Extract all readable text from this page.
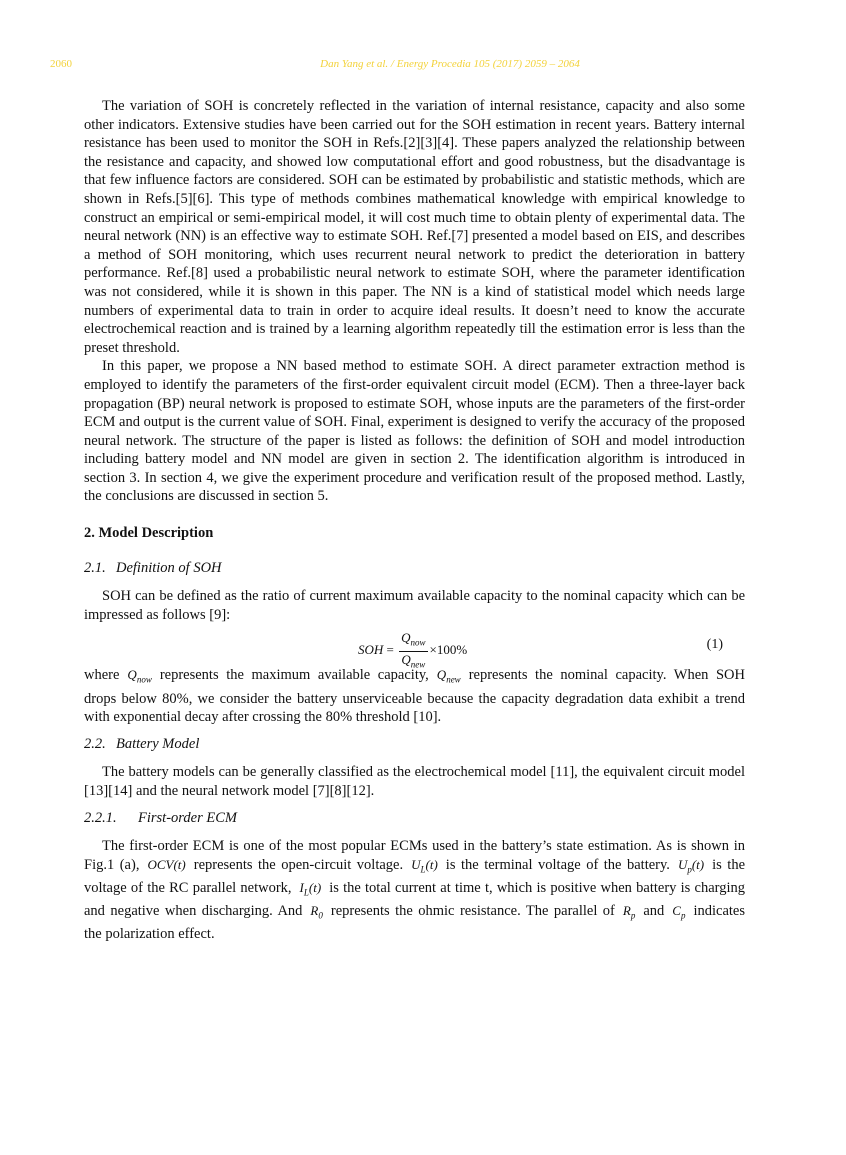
2060	Dan Yang et al. / Energy Procedia 105 (2017) 2059 – 2064

The variation of SOH is concretely reflected in the variation of internal resistance, capacity and also some other indicators. Extensive studies have been carried out for the SOH estimation in recent years. Battery internal resistance has been used to monitor the SOH in Refs.[2][3][4]. These papers analyzed the relationship between the resistance and capacity, and showed low computational effort and good robustness, but the disadvantage is that few influence factors are considered. SOH can be estimated by probabilistic and statistic methods, which are shown in Refs.[5][6]. This type of methods combines mathematical knowledge with empirical knowledge to construct an empirical or semi-empirical model, it will cost much time to obtain plenty of experimental data. The neural network (NN) is an effective way to estimate SOH. Ref.[7] presented a model based on EIS, and describes a method of SOH monitoring, which uses recurrent neural network to predict the deterioration in battery performance. Ref.[8] used a probabilistic neural network to estimate SOH, where the parameter identification was not considered, while it is shown in this paper. The NN is a kind of statistical model which needs large numbers of experimental data to train in order to acquire ideal results. It doesn’t need to know the accurate electrochemical reaction and is trained by a learning algorithm repeatedly till the estimation error is less than the preset threshold.

In this paper, we propose a NN based method to estimate SOH. A direct parameter extraction method is employed to identify the parameters of the first-order equivalent circuit model (ECM). Then a three-layer back propagation (BP) neural network is proposed to estimate SOH, whose inputs are the parameters of the first-order ECM and output is the current value of SOH. Final, experiment is designed to verify the accuracy of the proposed neural network. The structure of the paper is listed as follows: the definition of SOH and model introduction including battery model and NN model are given in section 2. The identification algorithm is introduced in section 3. In section 4, we give the experiment procedure and verification result of the proposed method. Lastly, the conclusions are discussed in section 5.

2. Model Description
2.1. Definition of SOH

SOH can be defined as the ratio of current maximum available capacity to the nominal capacity which can be impressed as follows [9]:

SOH = $\frac{Q_{now}}{Q_{new}} \times 100\%$	(1)

where $Q_{now}$ represents the maximum available capacity, $Q_{new}$ represents the nominal capacity. When SOH drops below 80%, we consider the battery unserviceable because the capacity degradation data exhibit a trend with exponential decay after crossing the 80% threshold [10].

2.2. Battery Model

The battery models can be generally classified as the electrochemical model [11], the equivalent circuit model [13][14] and the neural network model [7][8][12].

2.2.1. First-order ECM

The first-order ECM is one of the most popular ECMs used in the battery’s state estimation. As is shown in Fig.1 (a), OCV(t) represents the open-circuit voltage. $U_L(t)$ is the terminal voltage of the battery. $U_p(t)$ is the voltage of the RC parallel network, $I_L(t)$ is the total current at time t, which is positive when battery is charging and negative when discharging. And $R_0$ represents the ohmic resistance. The parallel of $R_p$ and $C_p$ indicates the polarization effect.
